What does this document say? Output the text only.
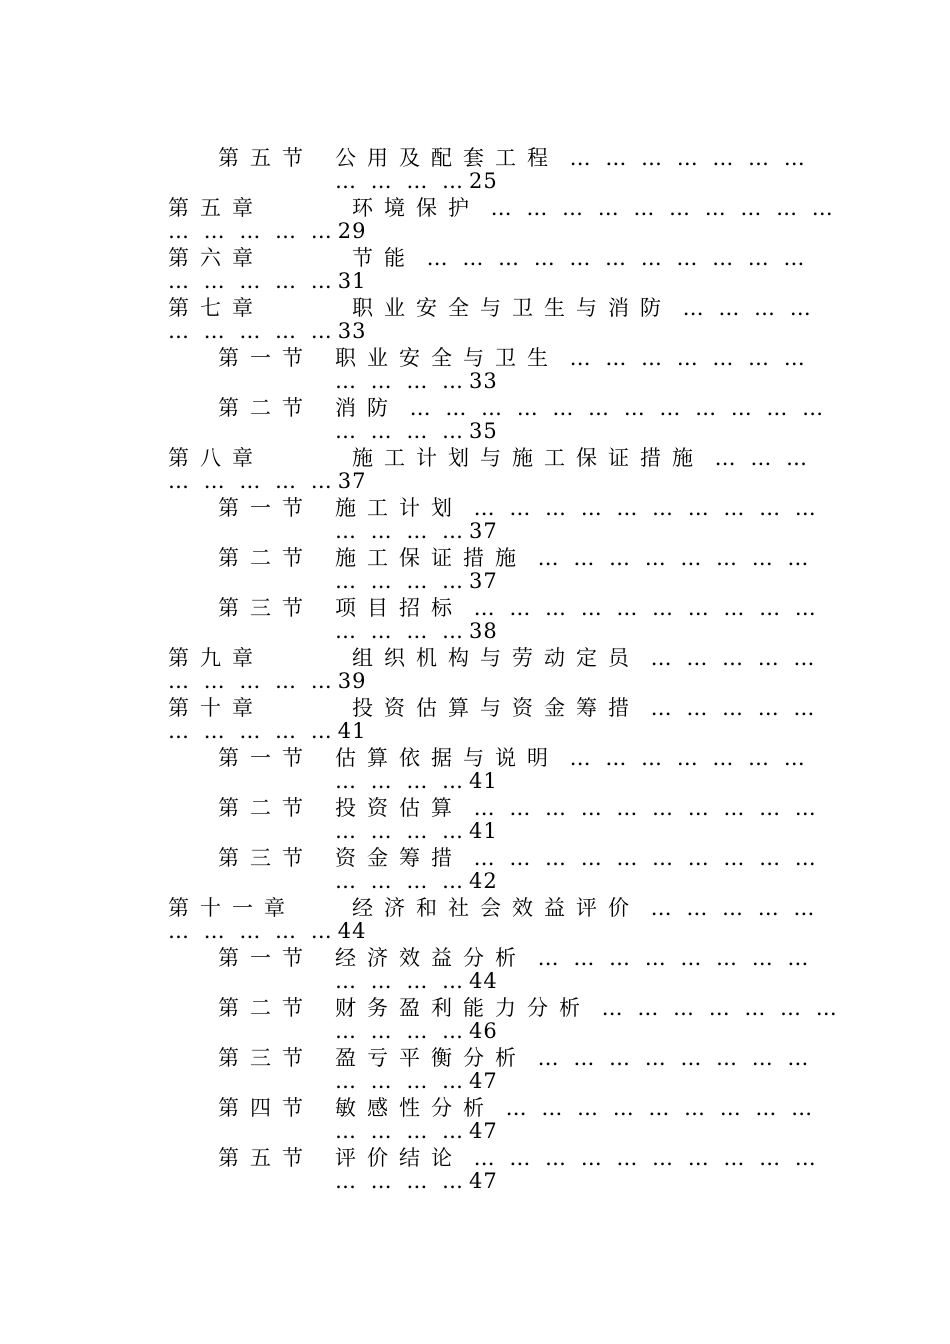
第五节 公用及配套工程 … … … … … … …
… … … …25
第五章	环境保护 … … … … … … … … … …
… … … … …29
第六章	节能 … … … … … … … … … … …
… … … … …31
第七章	职业安全与卫生与消防 … … … …
… … … … …33
第一节 职业安全与卫生 … … … … … … …
… … … …33
第二节 消防 … … … … … … … … … … … …
… … … …35
第八章	施工计划与施工保证措施 … … …
… … … … …37
第一节 施工计划 … … … … … … … … … …
… … … …37
第二节 施工保证措施 … … … … … … … …
… … … …37
第三节 项目招标 … … … … … … … … … …
… … … …38
第九章	组织机构与劳动定员 … … … … …
… … … … …39
第十章	投资估算与资金筹措 … … … … …
… … … … …41
第一节 估算依据与说明 … … … … … … …
… … … …41
第二节 投资估算 … … … … … … … … … …
… … … …41
第三节 资金筹措 … … … … … … … … … …
… … … …42
第十一章	经济和社会效益评价 … … … … …
… … … … …44
第一节 经济效益分析 … … … … … … … …
… … … …44
第二节 财务盈利能力分析 … … … … … … …
… … … …46
第三节 盈亏平衡分析 … … … … … … … …
… … … …47
第四节 敏感性分析 … … … … … … … … …
… … … …47
第五节 评价结论 … … … … … … … … … …
… … … …47
